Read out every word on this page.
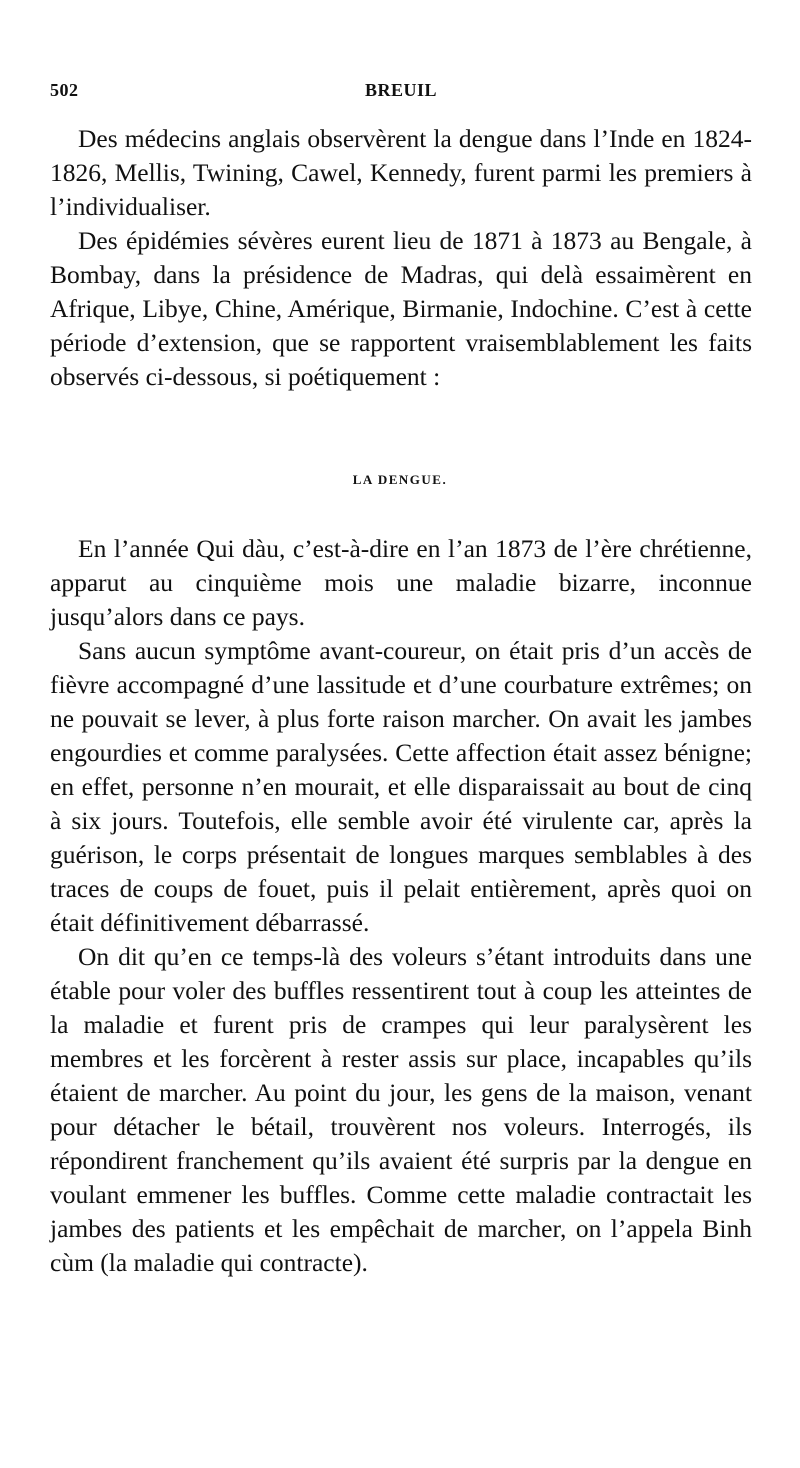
502	BREUIL

Des médecins anglais observèrent la dengue dans l’Inde en 1824-1826, Mellis, Twining, Cawel, Kennedy, furent parmi les premiers à l’individualiser.

Des épidémies sévères eurent lieu de 1871 à 1873 au Bengale, à Bombay, dans la présidence de Madras, qui delà essaimèrent en Afrique, Libye, Chine, Amérique, Birmanie, Indochine. C’est à cette période d’extension, que se rapportent vraisemblablement les faits observés ci-dessous, si poétiquement :

LA DENGUE.

En l’année Qui dàu, c’est-à-dire en l’an 1873 de l’ère chrétienne, apparut au cinquième mois une maladie bizarre, inconnue jusqu’alors dans ce pays.

Sans aucun symptôme avant-coureur, on était pris d’un accès de fièvre accompagné d’une lassitude et d’une courbature extrêmes; on ne pouvait se lever, à plus forte raison marcher. On avait les jambes engourdies et comme paralysées. Cette affection était assez bénigne; en effet, personne n’en mourait, et elle disparaissait au bout de cinq à six jours. Toutefois, elle semble avoir été virulente car, après la guérison, le corps présentait de longues marques semblables à des traces de coups de fouet, puis il pelait entièrement, après quoi on était définitivement débarrassé.

On dit qu’en ce temps-là des voleurs s’étant introduits dans une étable pour voler des buffles ressentirent tout à coup les atteintes de la maladie et furent pris de crampes qui leur paralysèrent les membres et les forcèrent à rester assis sur place, incapables qu’ils étaient de marcher. Au point du jour, les gens de la maison, venant pour détacher le bétail, trouvèrent nos voleurs. Interrogés, ils répondirent franchement qu’ils avaient été surpris par la dengue en voulant emmener les buffles. Comme cette maladie contractait les jambes des patients et les empêchait de marcher, on l’appela Binh cùm (la maladie qui contracte).
